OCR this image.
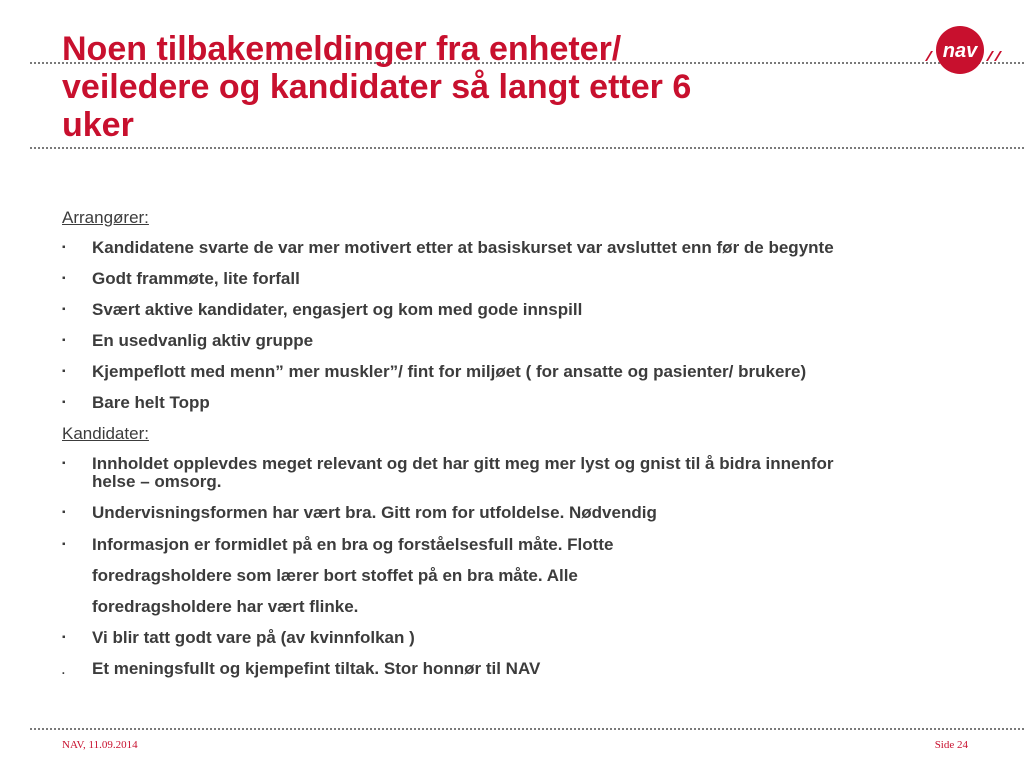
Noen tilbakemeldinger fra enheter/
veiledere og kandidater så langt etter 6
uker
nav

Arrangører:

▪	Kandidatene svarte de var mer motivert etter at basiskurset var avsluttet enn før de begynte
▪	Godt frammøte, lite forfall
▪	Svært aktive kandidater, engasjert og kom med gode innspill
▪	En usedvanlig aktiv gruppe
▪	Kjempeflott med menn” mer muskler”/ fint for miljøet ( for ansatte og pasienter/ brukere)
▪	Bare helt Topp

Kandidater:

▪	Innholdet opplevdes meget relevant og det har gitt meg mer lyst og gnist til å bidra innenfor
helse – omsorg.
▪	Undervisningsformen har vært bra. Gitt rom for utfoldelse. Nødvendig
▪	Informasjon er formidlet på en bra og forståelsesfull måte. Flotte
foredragsholdere som lærer bort stoffet på en bra måte. Alle
foredragsholdere har vært flinke.
▪	Vi blir tatt godt vare på (av kvinnfolkan )
.	Et meningsfullt og kjempefint tiltak. Stor honnør til NAV
NAV, 11.09.2014	Side 24
